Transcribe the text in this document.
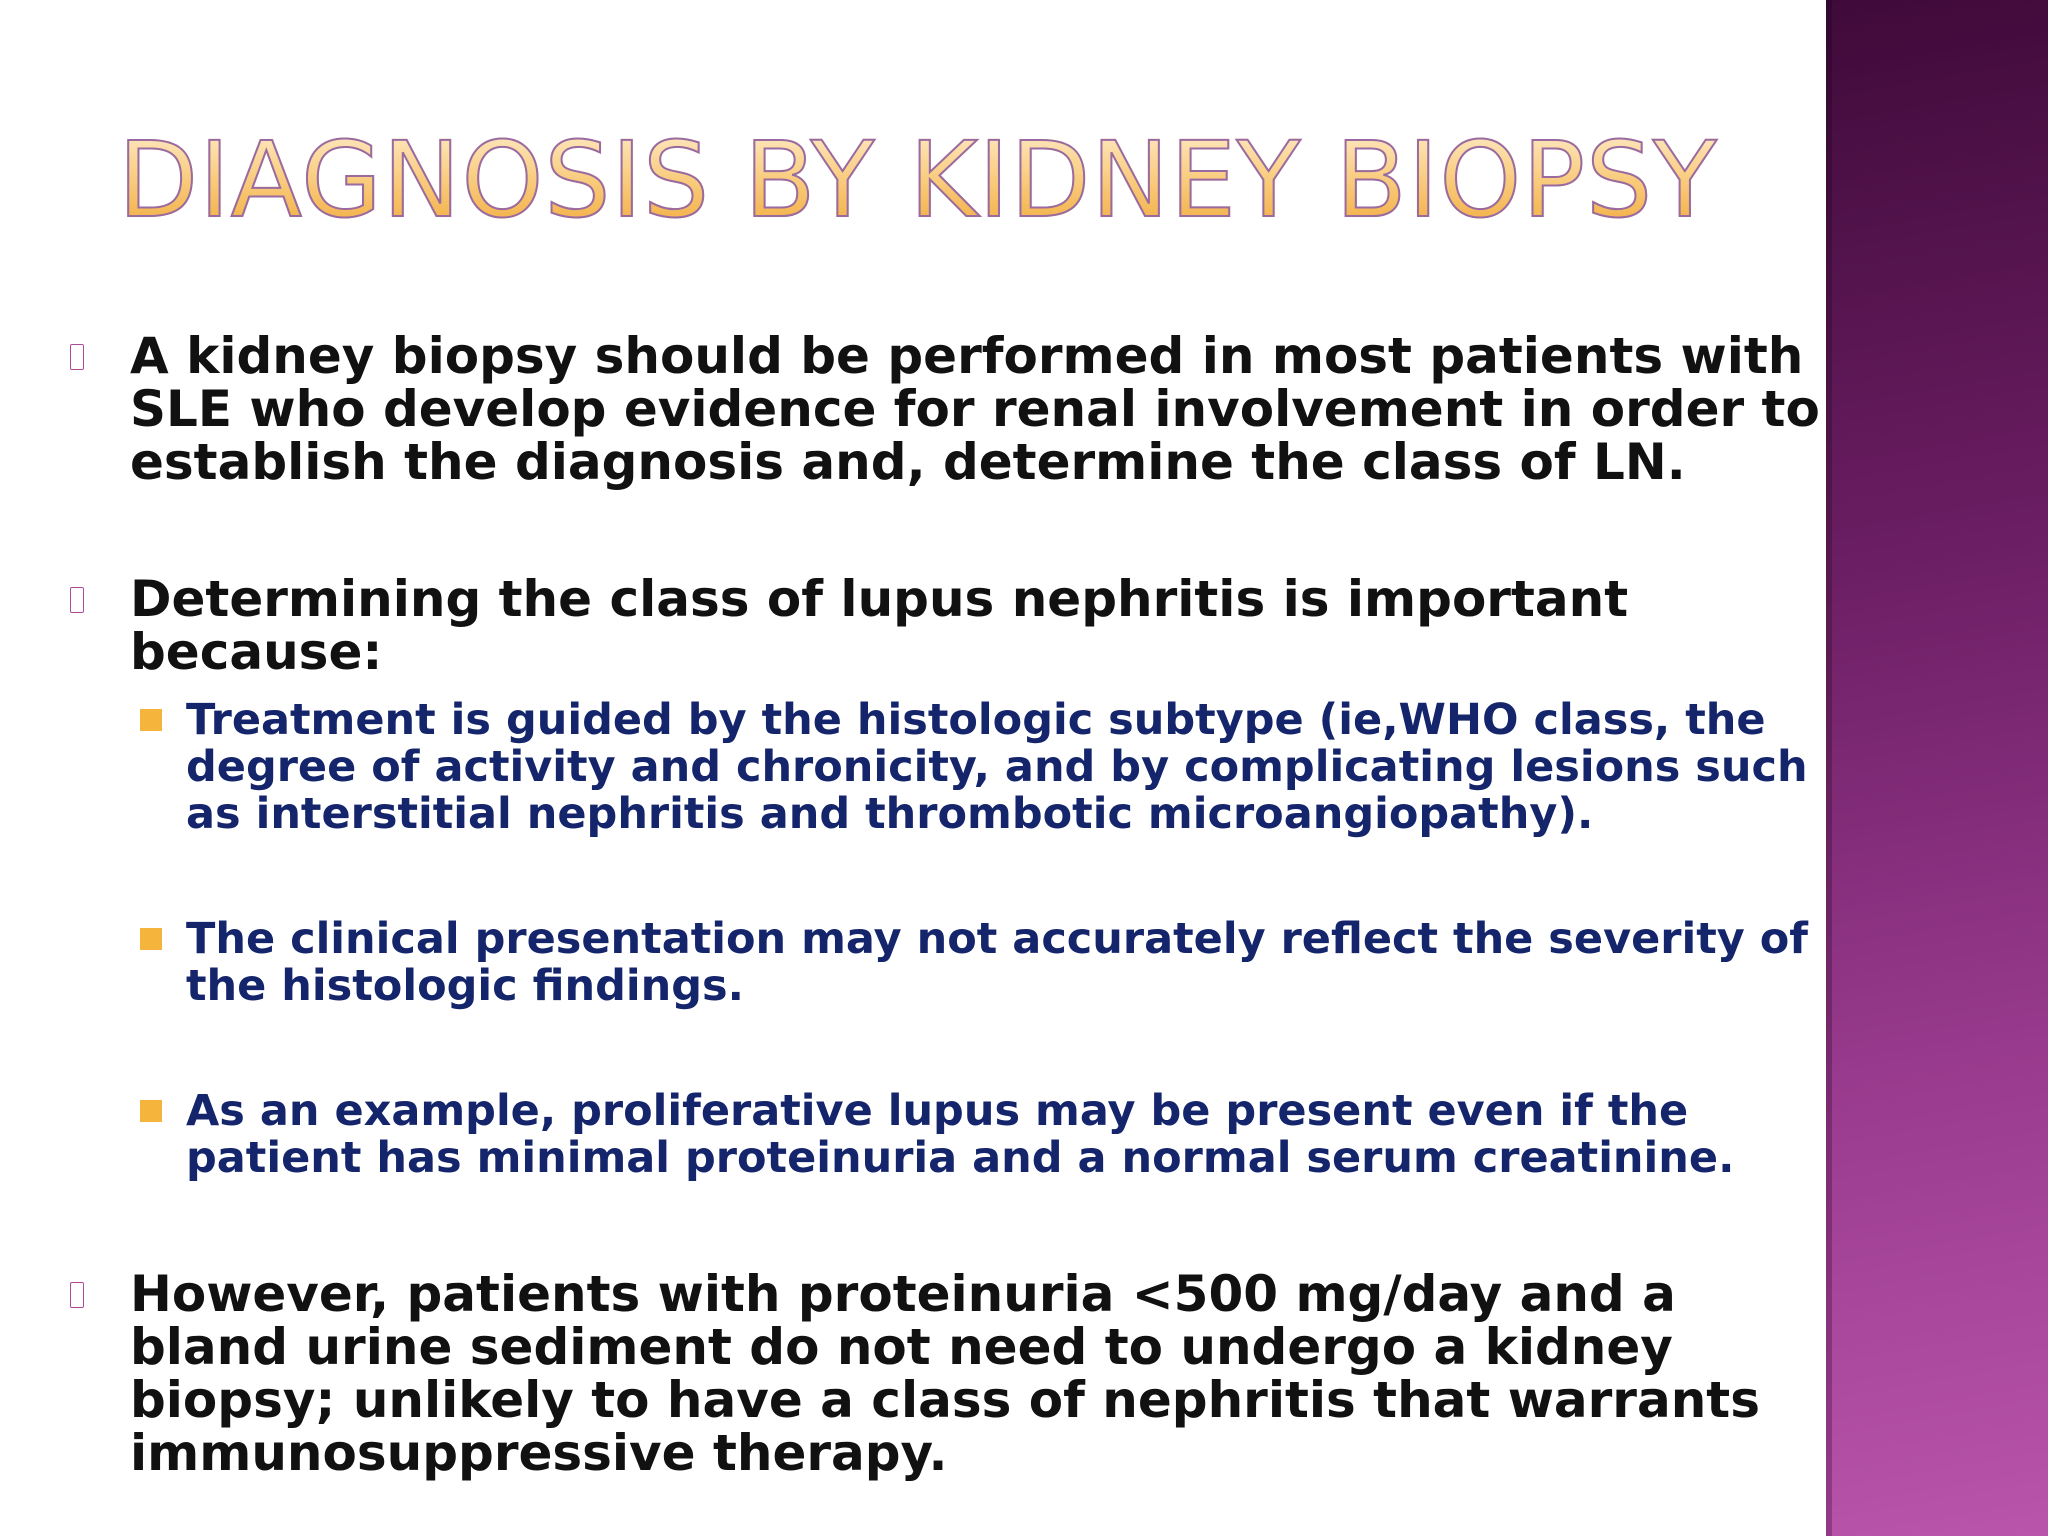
DIAGNOSIS BY KIDNEY BIOPSY
A kidney biopsy should be performed in most patients with SLE who develop evidence for renal involvement in order to establish the diagnosis and, determine the class of LN.
Determining the class of lupus nephritis is important because:
Treatment is guided by the histologic subtype (ie,WHO class, the degree of activity and chronicity, and by complicating lesions such as interstitial nephritis and thrombotic microangiopathy).
The clinical presentation may not accurately reflect the severity of the histologic findings.
As an example, proliferative lupus may be present even if the patient has minimal proteinuria and a normal serum creatinine.
However, patients with proteinuria <500 mg/day and a bland urine sediment do not need to undergo a kidney biopsy; unlikely to have a class of nephritis that warrants immunosuppressive therapy.
